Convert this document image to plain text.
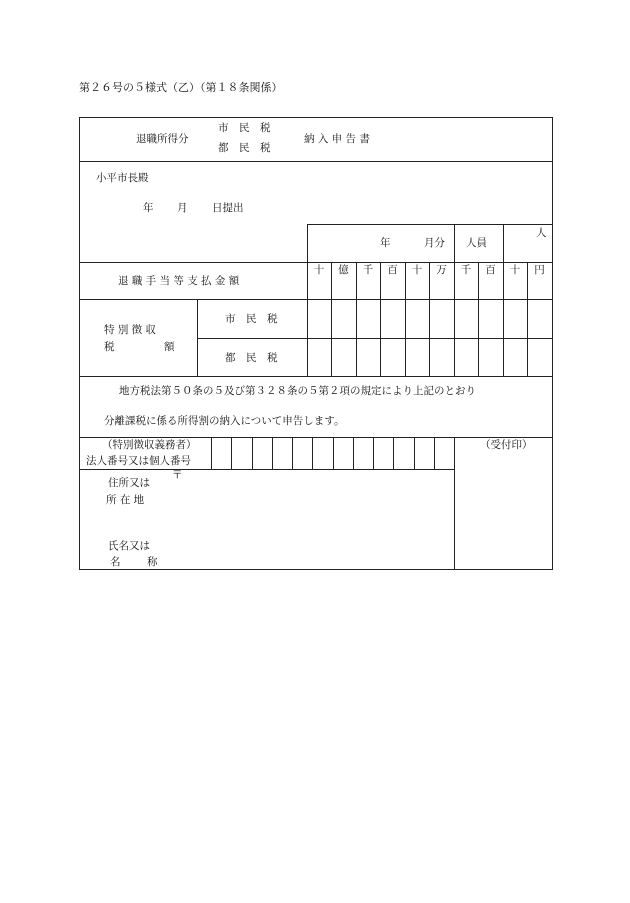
第２６号の５様式（乙）（第１８条関係）
退職所得分
市　民　税
都　民　税
納 入 申 告 書
小平市長殿
年 月 日提出
年	月分 人員
人
退 職 手 当 等 支 払 金 額
十	億	千	百	十	万	千	百	十	円
特 別 徴 収
税	額
市　民　税
都　民　税
地方税法第５０条の５及び第３２８条の５第２項の規定により上記のとおり
分離課税に係る所得割の納入について申告します。
（特別徴収義務者）
法人番号又は個人番号
（受付印）
〒
住所又は
所 在 地
氏名又は
名	称
